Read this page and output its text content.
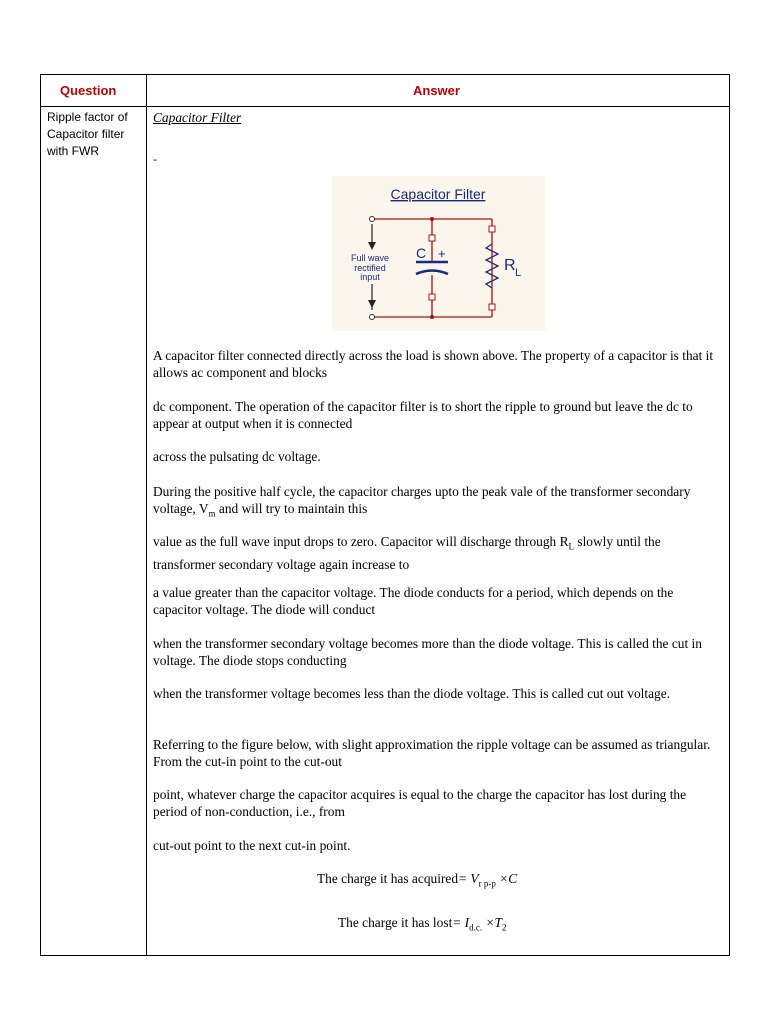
Question	Answer
Ripple factor of Capacitor filter with FWR
Capacitor Filter
-
Capacitor Filter
Full wave
rectified
input
C +
R L
A capacitor filter connected directly across the load is shown above. The property of a capacitor is that it allows ac component and blocks
dc component. The operation of the capacitor filter is to short the ripple to ground but leave the dc to appear at output when it is connected
across the pulsating dc voltage.
During the positive half cycle, the capacitor charges upto the peak vale of the transformer secondary voltage, $V_m$ and will try to maintain this
value as the full wave input drops to zero. Capacitor will discharge through $R_L$ slowly until the transformer secondary voltage again increase to
a value greater than the capacitor voltage. The diode conducts for a period, which depends on the capacitor voltage. The diode will conduct
when the transformer secondary voltage becomes more than the diode voltage. This is called the cut in voltage. The diode stops conducting
when the transformer voltage becomes less than the diode voltage. This is called cut out voltage.
Referring to the figure below, with slight approximation the ripple voltage can be assumed as triangular. From the cut-in point to the cut-out
point, whatever charge the capacitor acquires is equal to the charge the capacitor has lost during the period of non-conduction, i.e., from
cut-out point to the next cut-in point.
The charge it has acquired= $V_{r p-p} \times C$
The charge it has lost= $I_{d.c.} \times T_2$
